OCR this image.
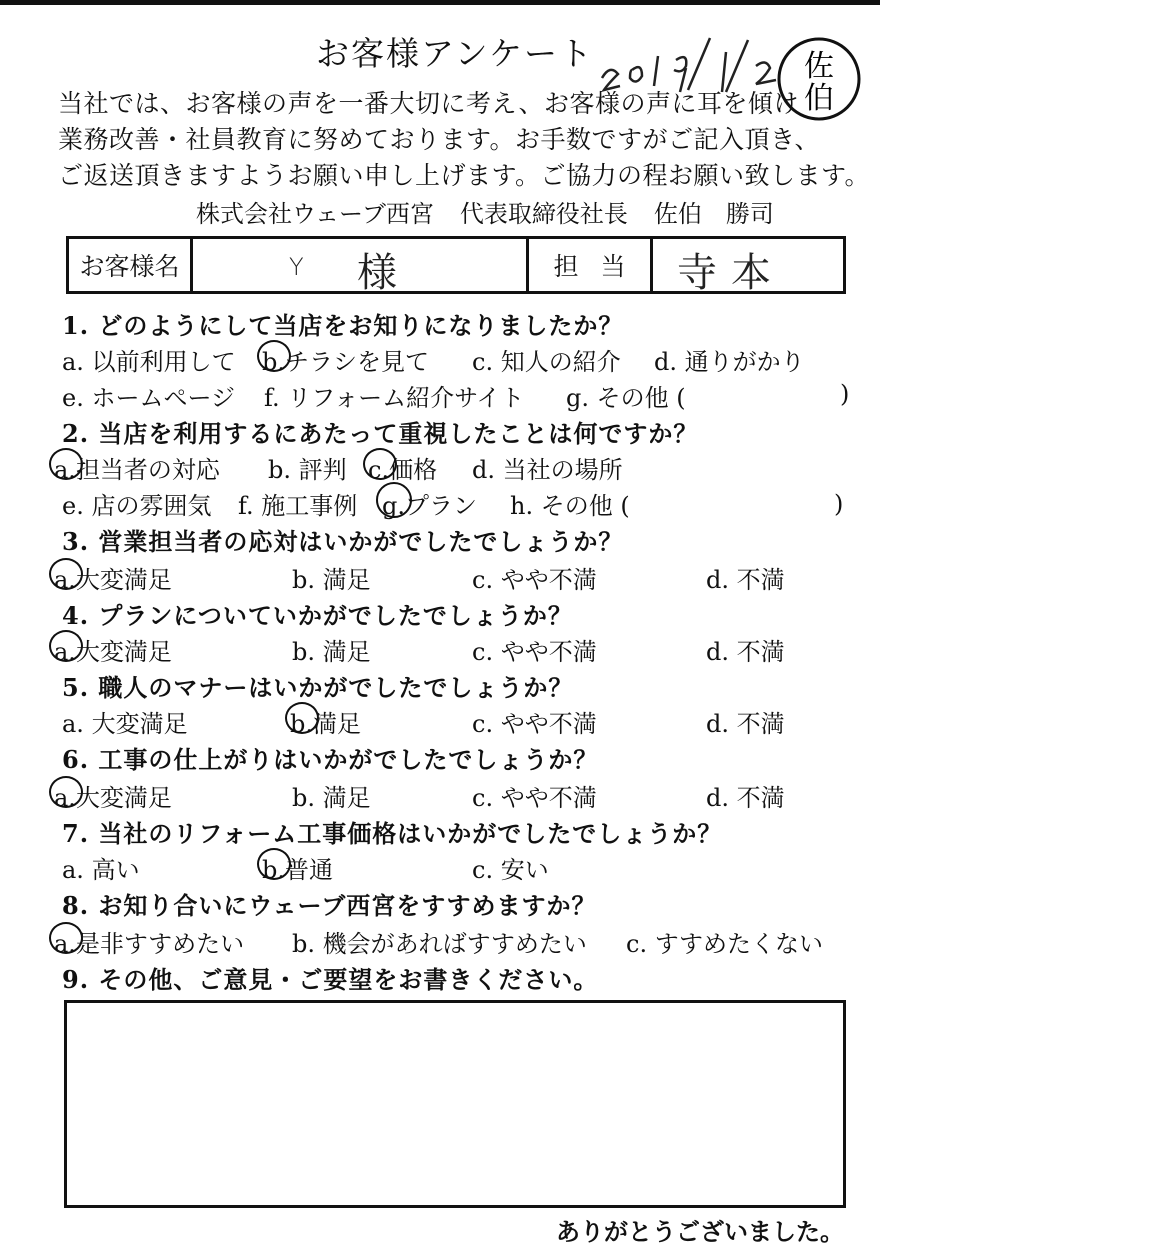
お客様アンケート	佐
伯
当社では、お客様の声を一番大切に考え、お客様の声に耳を傾け
業務改善・社員教育に努めております。お手数ですがご記入頂き、
ご返送頂きますようお願い申し上げます。ご協力の程お願い致します。
株式会社ウェーブ西宮 代表取締役社長 佐伯　勝司
お客様名	Y 様	担当 寺本
1. どのようにして当店をお知りになりましたか？
a. 以前利用して b.チラシを見て c. 知人の紹介 d. 通りがかり
e. ホームページ f. リフォーム紹介サイト g. その他 (	)
2. 当店を利用するにあたって重視したことは何ですか？
a.担当者の対応 b. 評判 c.価格 d. 当社の場所
e. 店の雰囲気 f. 施工事例 g.プラン h. その他 (	)
3. 営業担当者の応対はいかがでしたでしょうか？
a.大変満足	b. 満足	c. やや不満	d. 不満
4. プランについていかがでしたでしょうか？
a.大変満足	b. 満足	c. やや不満	d. 不満
5. 職人のマナーはいかがでしたでしょうか？
a. 大変満足	b.満足	c. やや不満	d. 不満
6. 工事の仕上がりはいかがでしたでしょうか？
a.大変満足	b. 満足	c. やや不満	d. 不満
7. 当社のリフォーム工事価格はいかがでしたでしょうか？
a. 高い	b.普通	c. 安い
8. お知り合いにウェーブ西宮をすすめますか？
a.是非すすめたい b. 機会があればすすめたい c. すすめたくない
9. その他、ご意見・ご要望をお書きください。
ありがとうございました。
